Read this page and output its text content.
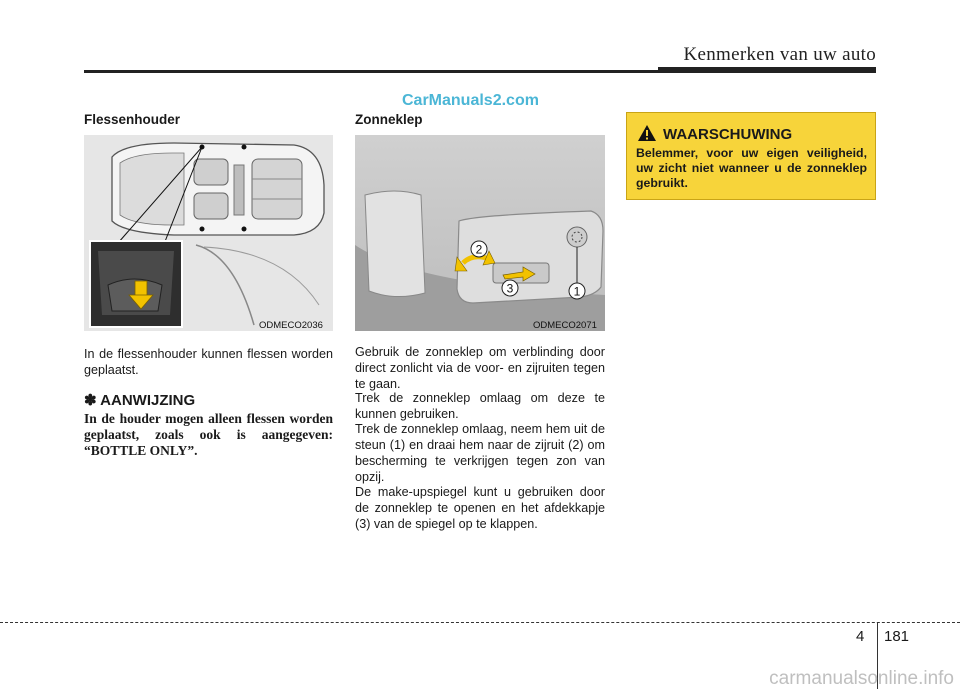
Kenmerken van uw auto
CarManuals2.com
Flessenhouder
ODMECO2036
In de flessenhouder kunnen flessen worden geplaatst.
✽ AANWIJZING
In de houder mogen alleen flessen worden geplaatst, zoals ook is aangegeven: “BOTTLE ONLY”.
Zonneklep
2
3	1
ODMECO2071
Gebruik de zonneklep om verblinding door direct zonlicht via de voor- en zijruiten tegen te gaan.
Trek de zonneklep omlaag om deze te kunnen gebruiken.
Trek de zonneklep omlaag, neem hem uit de steun (1) en draai hem naar de zijruit (2) om bescherming te verkrijgen tegen zon van opzij.
De make-upspiegel kunt u gebruiken door de zonneklep te openen en het afdekkapje (3) van de spiegel op te klappen.
WAARSCHUWING
Belemmer, voor uw eigen veiligheid, uw zicht niet wanneer u de zonneklep gebruikt.
4 181
carmanualsonline.info
